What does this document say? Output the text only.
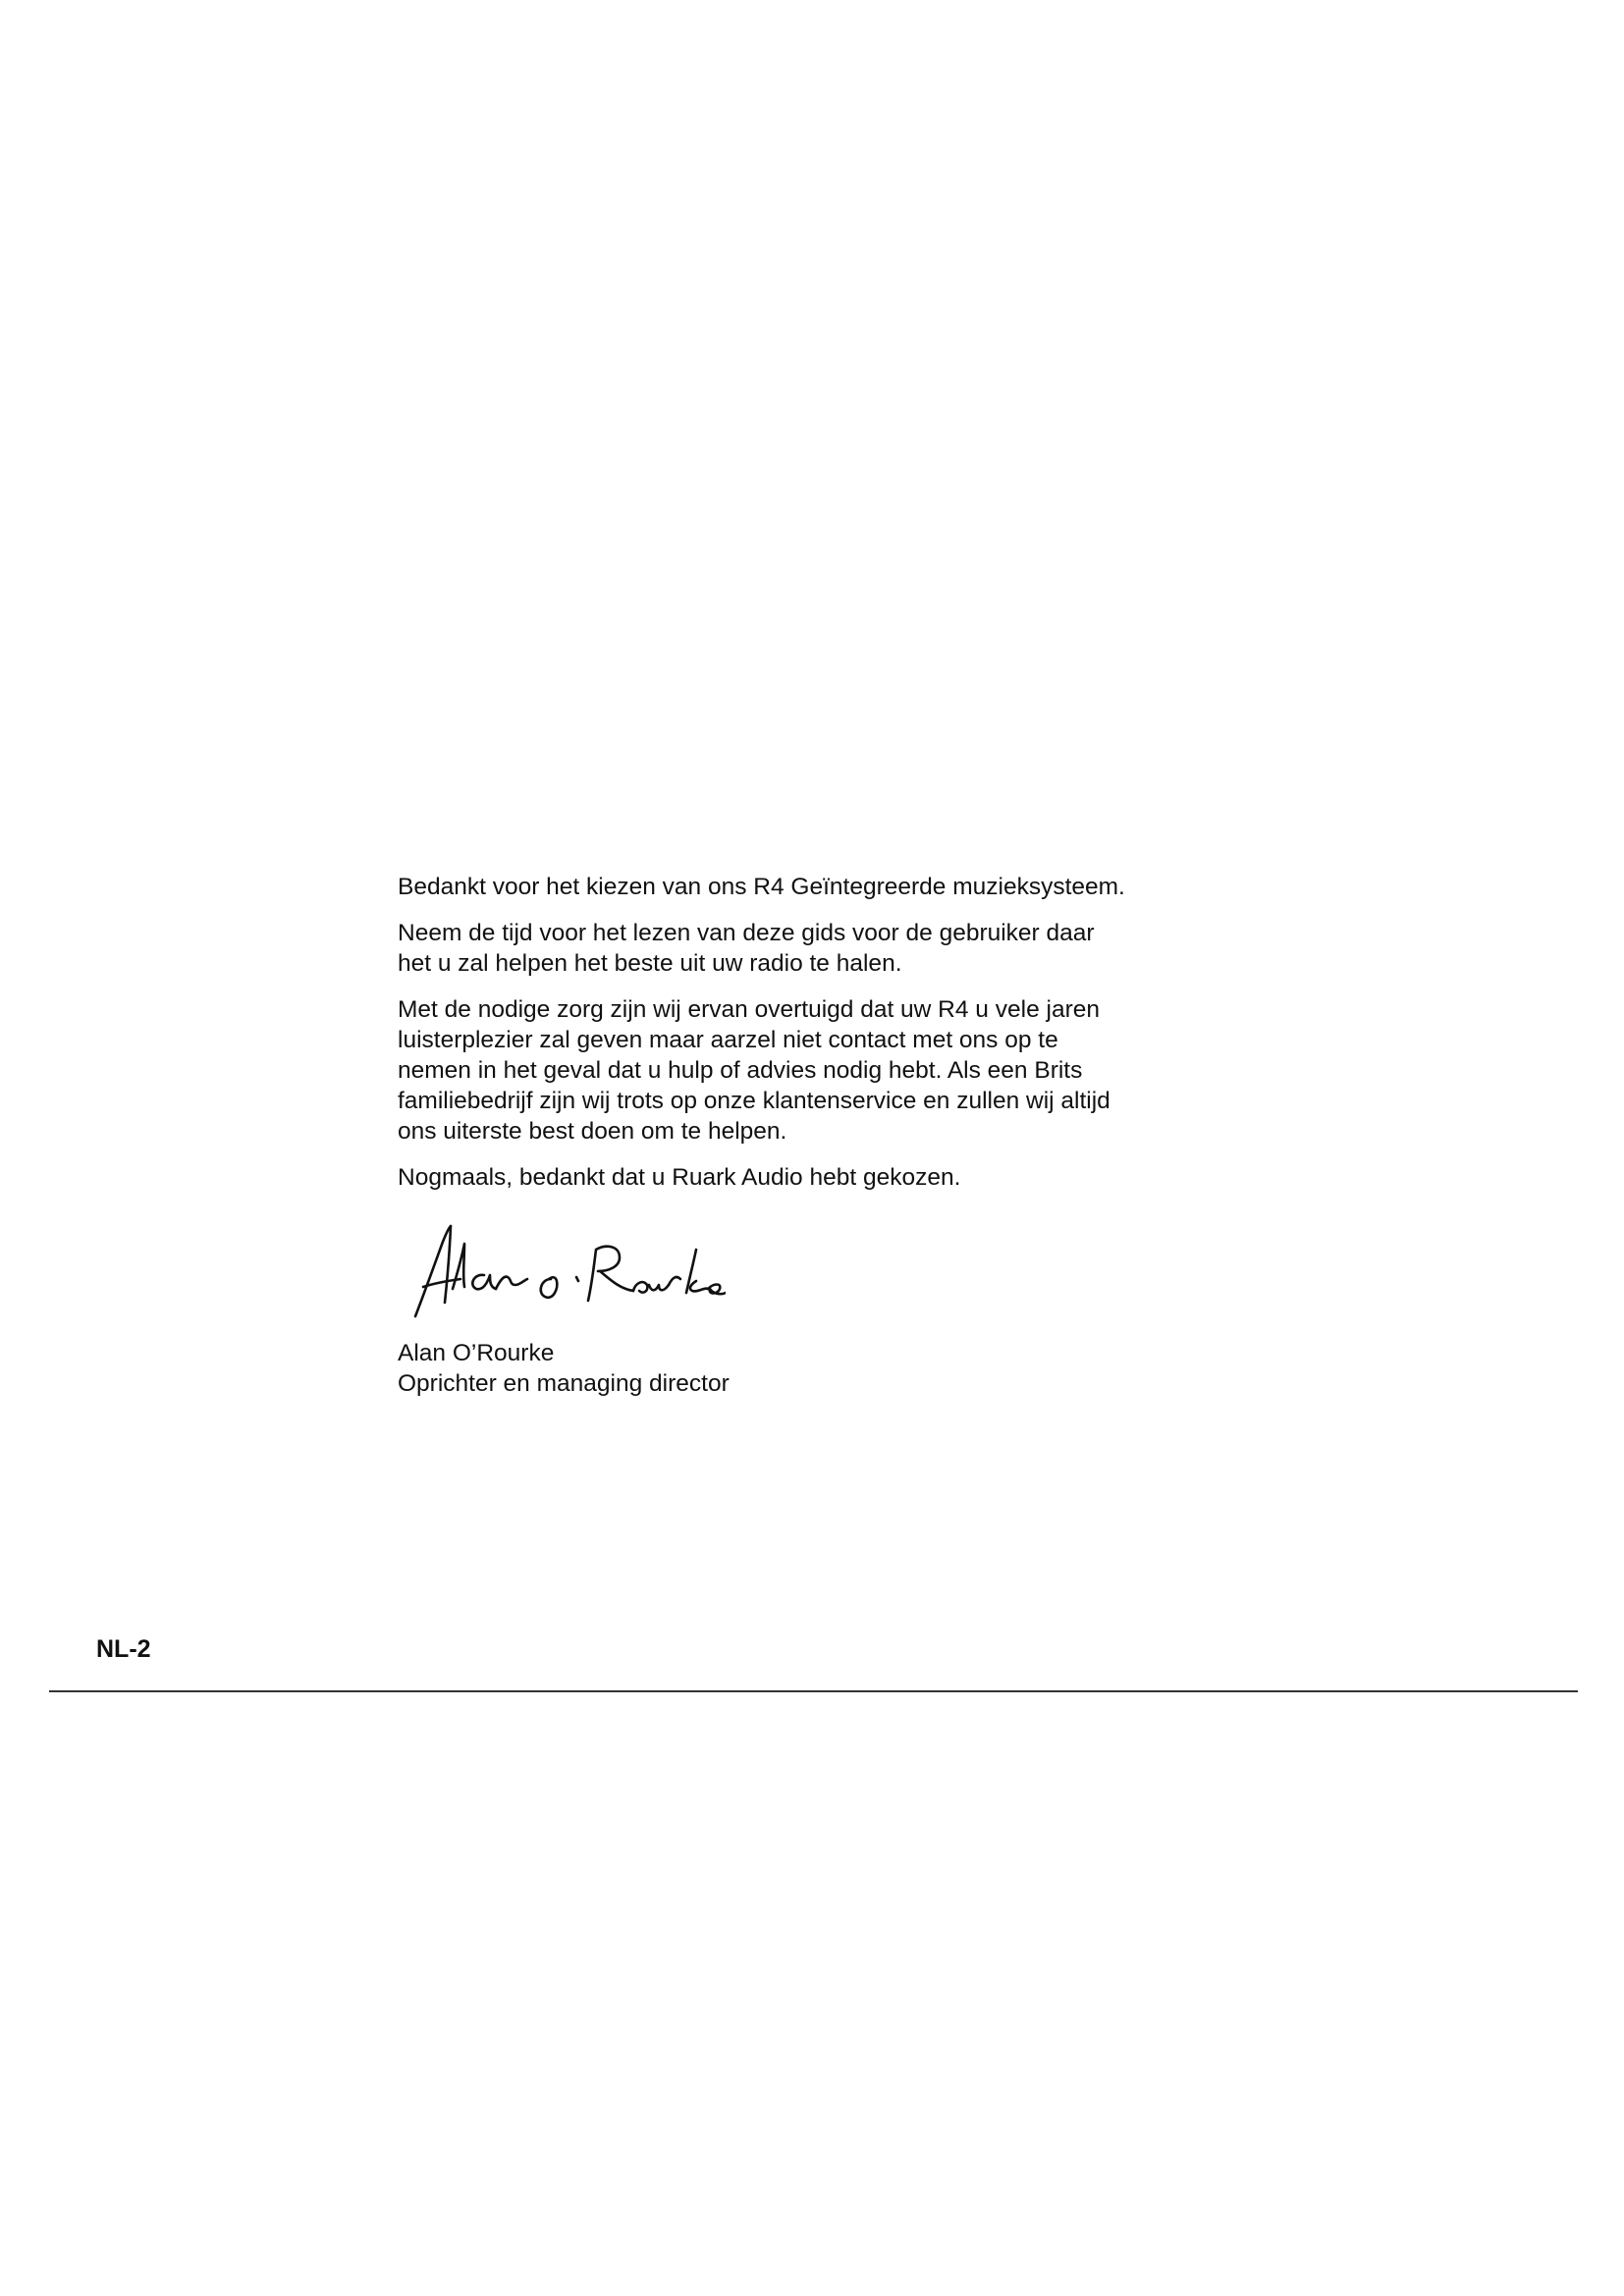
Bedankt voor het kiezen van ons R4 Geïntegreerde muzieksysteem.

Neem de tijd voor het lezen van deze gids voor de gebruiker daar
het u zal helpen het beste uit uw radio te halen.

Met de nodige zorg zijn wij ervan overtuigd dat uw R4 u vele jaren
luisterplezier zal geven maar aarzel niet contact met ons op te
nemen in het geval dat u hulp of advies nodig hebt. Als een Brits
familiebedrijf zijn wij trots op onze klantenservice en zullen wij altijd
ons uiterste best doen om te helpen.

Nogmaals, bedankt dat u Ruark Audio hebt gekozen.

Alan O’Rourke

Oprichter en managing director

NL-2
